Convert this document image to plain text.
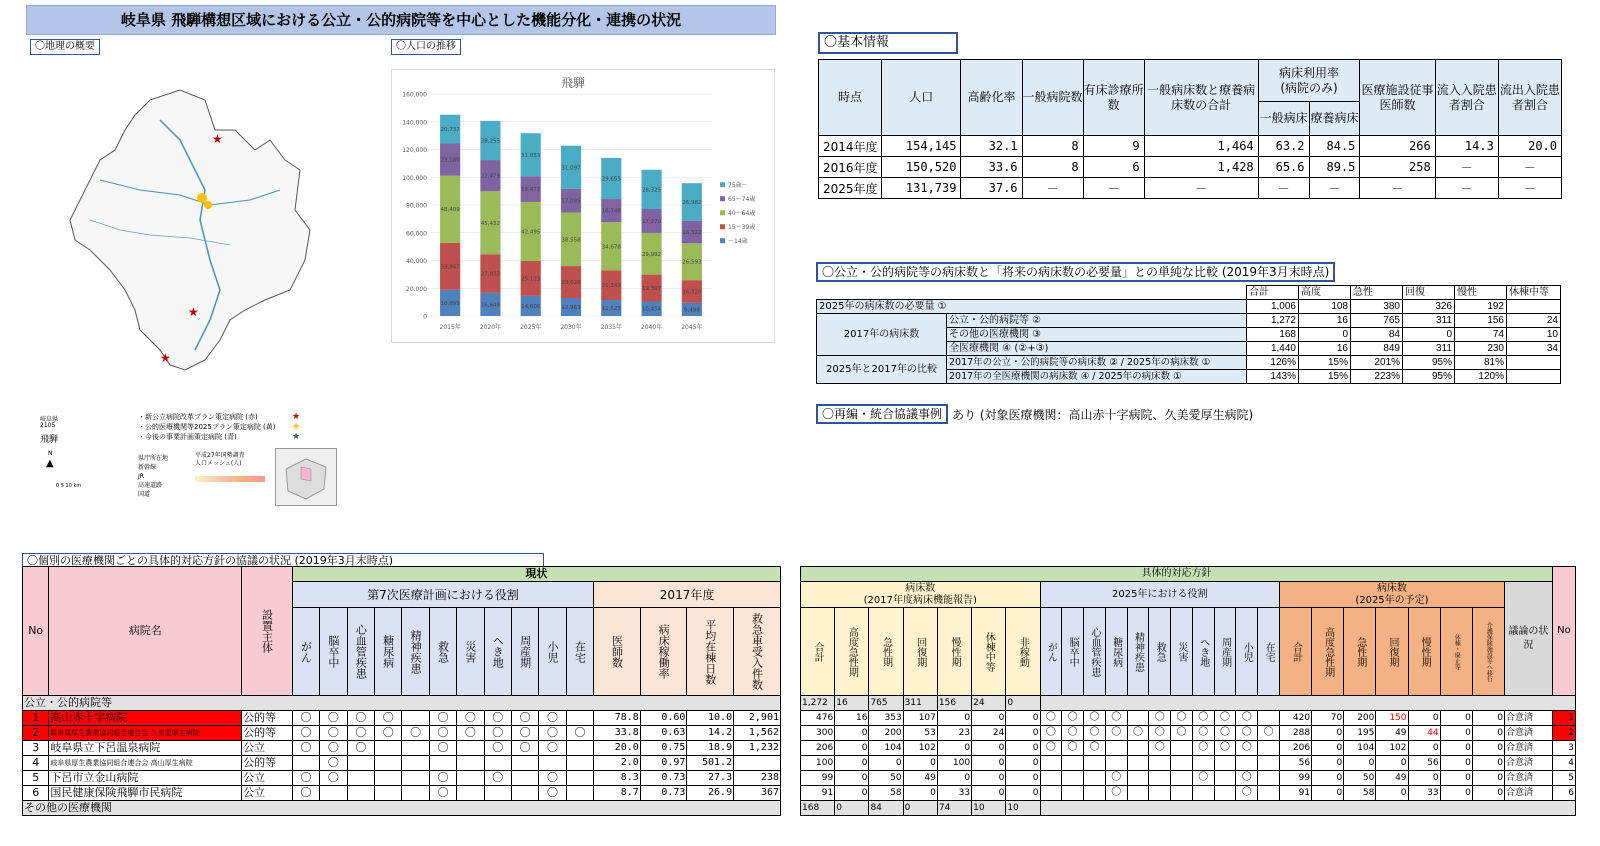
岐阜県 飛騨構想区域における公立・公的病院等を中心とした機能分化・連携の状況
〇地理の概要	〇人口の推移	〇基本情報
〇公立・公的病院等の病床数と「将来の病床数の必要量」との単純な比較 (2019年3月末時点)
〇再編・統合協議事例 あり (対象医療機関：高山赤十字病院、久美愛厚生病院)
〇個別の医療機関ごとの具体的対応方針の協議の状況 (2019年3月末時点)
★
★
★
岐阜県
2105
飛騨
・新公立病院改革プラン策定病院 (赤)
・公的医療機関等2025プラン策定病院 (黄)
・今後の事業計画策定病院 (青)
★
★
★
県庁所在地
新幹線
JR
高速道路
国道
平成27年国勢調査
人口メッシュ(人)
▲
N
0 5 10 km
飛騨
160,000
140,000
120,000
100,000
80,000
60,000
40,000
20,000
0
18,899
33,847
48,409
23,180
20,737
2015年
16,649
27,833
45,432
22,479
28,255
2020年
14,600
25,113
42,495
18,477
31,053
2025年
12,963
23,028
38,558
17,085
31,097
2030年
11,523
21,349
34,678
16,748
29,655
2035年
10,454
19,397
29,992
17,270
28,325
2040年
9,498
16,320
26,593
16,322
26,982
2045年
75歳〜
65〜74歳
40〜64歳
15〜39歳
〜14歳
時点	人口	高齢化率	一般病院数	有床診療所数	一般病床数と療養病床数の合計	病床利用率
(病院のみ)		医療施設従事医師数	流入入院患者割合	流出入院患者割合
						一般病床	療養病床			
2014年度	154,145	32.1	8	9	1,464	63.2	84.5	266	14.3	20.0
2016年度	150,520	33.6	8	6	1,428	65.6	89.5	258	－	－
2025年度	131,739	37.6	－	－	－	－	－	－	－	－
		合計	高度	急性	回復	慢性	休棟中等
2025年の病床数の必要量 ①		1,006	108	380	326	192	
2017年の病床数	公立・公的病院等 ②	1,272	16	765	311	156	24
	その他の医療機関 ③	168	0	84	0	74	10
	全医療機関 ④ (②+③)	1,440	16	849	311	230	34
2025年と2017年の比較	2017年の公立・公的病院等の病床数 ② / 2025年の病床数 ①	126%	15%	201%	95%	81%	
	2017年の全医療機関の病床数 ④ / 2025年の病床数 ①	143%	15%	223%	95%	120%	
No	病院名	設置主体	現状														
			第7次医療計画における役割											2017年度			

			がん	脳卒中	心血管疾患	糖尿病	精神疾患	救急	災害	へき地	周産期	小児	在宅	医師数	病床稼働率	平均在棟日数	救急車受入件数

公立・公的病院等																	
1	高山赤十字病院	公的等	〇	〇	〇	〇		〇	〇	〇	〇	〇		78.8	0.60	10.0	2,901
2	岐阜県厚生農業協同組合連合会 久美愛厚生病院	公的等	〇	〇	〇	〇	〇	〇	〇	〇	〇	〇	〇	33.8	0.63	14.2	1,562
3	岐阜県立下呂温泉病院	公立	〇	〇	〇			〇		〇	〇	〇		20.0	0.75	18.9	1,232
4	岐阜県厚生農業協同組合連合会 高山厚生病院	公的等		〇										2.0	0.97	501.2	
5	下呂市立金山病院	公立	〇	〇				〇		〇		〇		8.3	0.73	27.3	238
6	国民健康保険飛騨市民病院	公立	〇					〇				〇		8.7	0.73	26.9	367
その他の医療機関																	
具体的対応方針																										No
病床数
(2017年度病床機能報告)							2025年における役割											病床数
(2025年の予定)							議論の状況	

合計	高度急性期	急性期	回復期	慢性期	休棟中等	非稼動	がん	脳卒中	心血管疾患	糖尿病	精神疾患	救急	災害	へき地	周産期	小児	在宅	合計	高度急性期	急性期	回復期	慢性期	休棟・廃止等	介護保険施設等へ移行		

1,272	16	765	311	156	24	0																				
476	16	353	107	0	0	0	〇	〇	〇	〇		〇	〇	〇	〇	〇		420	70	200	150	0	0	0	合意済	1
300	0	200	53	23	24	0	〇	〇	〇	〇	〇	〇	〇	〇	〇	〇	〇	288	0	195	49	44	0	0	合意済	2
206	0	104	102	0	0	0	〇	〇	〇			〇		〇	〇	〇		206	0	104	102	0	0	0	合意済	3
100	0	0	0	100	0	0												56	0	0	0	56	0	0	合意済	4
99	0	50	49	0	0	0				〇				〇		〇		99	0	50	49	0	0	0	合意済	5
91	0	58	0	33	0	0				〇						〇		91	0	58	0	33	0	0	合意済	6
168	0	84	0	74	10	10																				
